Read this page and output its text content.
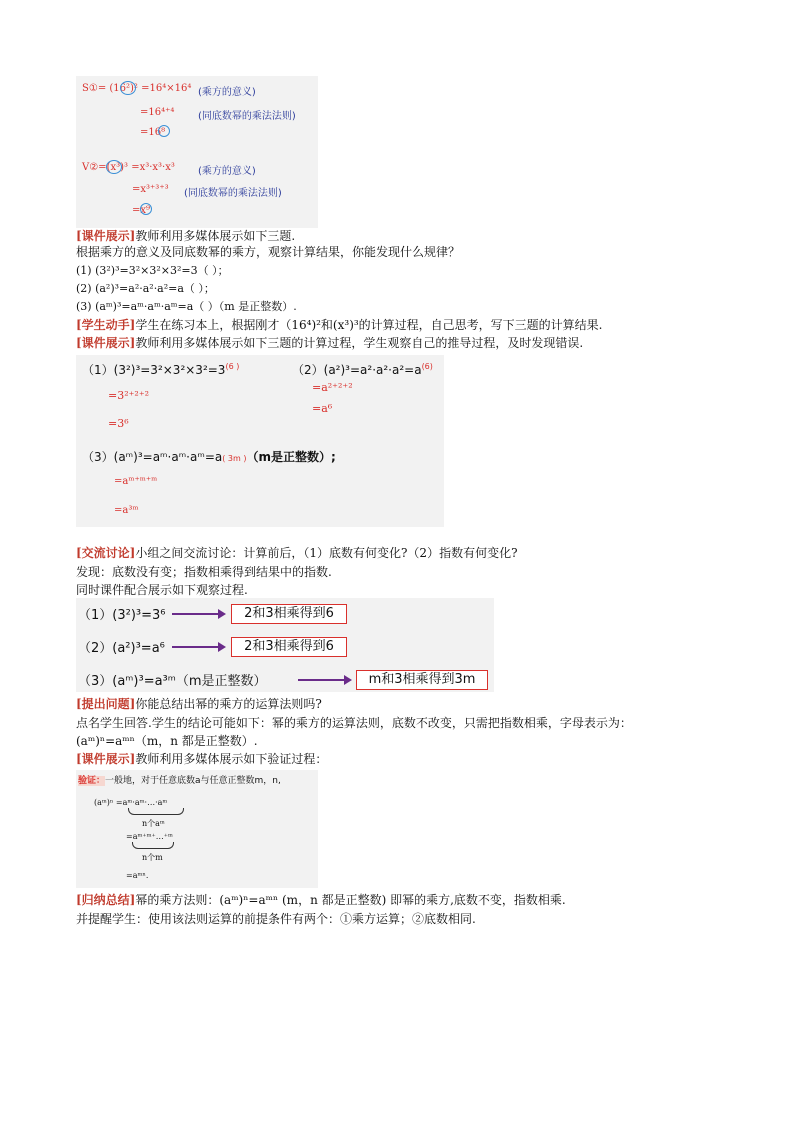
S①= (16²)² =16⁴×16⁴ (乘方的意义)
=16⁴⁺⁴ (同底数幂的乘法法则)
=16⁸
V②=(x³)³ =x³·x³·x³ (乘方的意义)
=x³⁺³⁺³ (同底数幂的乘法法则)
=x⁹
[课件展示]教师利用多媒体展示如下三题.
根据乘方的意义及同底数幂的乘方，观察计算结果，你能发现什么规律？
(1) (3²)³=3²×3²×3²=3（ ）；
(2) (a²)³=a²·a²·a²=a（ ）；
(3) (aᵐ)³=aᵐ·aᵐ·aᵐ=a（ ）（m 是正整数）.
[学生动手]学生在练习本上，根据刚才（16⁴)²和(x³)³的计算过程，自己思考，写下三题的计算结果.
[课件展示]教师利用多媒体展示如下三题的计算过程，学生观察自己的推导过程，及时发现错误.
$(1)(3^2)^3=3^2\times 3^2\times 3^2=3^{(6 )}$
=3²⁺²⁺²
=3⁶
$(2)(a^2)^3=a^2\cdot a^2\cdot a^2=a^{(6)}$
=a²⁺²⁺²
=a⁶
（3）(aᵐ)³=aᵐ·aᵐ·aᵐ=a( 3m )（m是正整数）;
=aᵐ⁺ᵐ⁺ᵐ
=a³ᵐ
[交流讨论]小组之间交流讨论：计算前后，（1）底数有何变化?（2）指数有何变化?
发现：底数没有变；指数相乘得到结果中的指数.
同时课件配合展示如下观察过程.
（1）(3²)³=3⁶	2和3相乘得到6
（2）(a²)³=a⁶	2和3相乘得到6
（3）(aᵐ)³=a³ᵐ（m是正整数）	m和3相乘得到3m
[提出问题]你能总结出幂的乘方的运算法则吗?
点名学生回答.学生的结论可能如下：幂的乘方的运算法则，底数不改变，只需把指数相乘，字母表示为：
(aᵐ)ⁿ=aᵐⁿ（m，n 都是正整数）.
[课件展示]教师利用多媒体展示如下验证过程：
验证：一般地，对于任意底数a与任意正整数m，n,
(aᵐ)ⁿ =aᵐ·aᵐ·…·aᵐ
n个aᵐ
=aᵐ⁺ᵐ⁺…⁺ᵐ
n个m
=aᵐⁿ.
[归纳总结]幂的乘方法则：(aᵐ)ⁿ=aᵐⁿ (m，n 都是正整数) 即幂的乘方,底数不变，指数相乘.
并提醒学生：使用该法则运算的前提条件有两个：①乘方运算；②底数相同.
